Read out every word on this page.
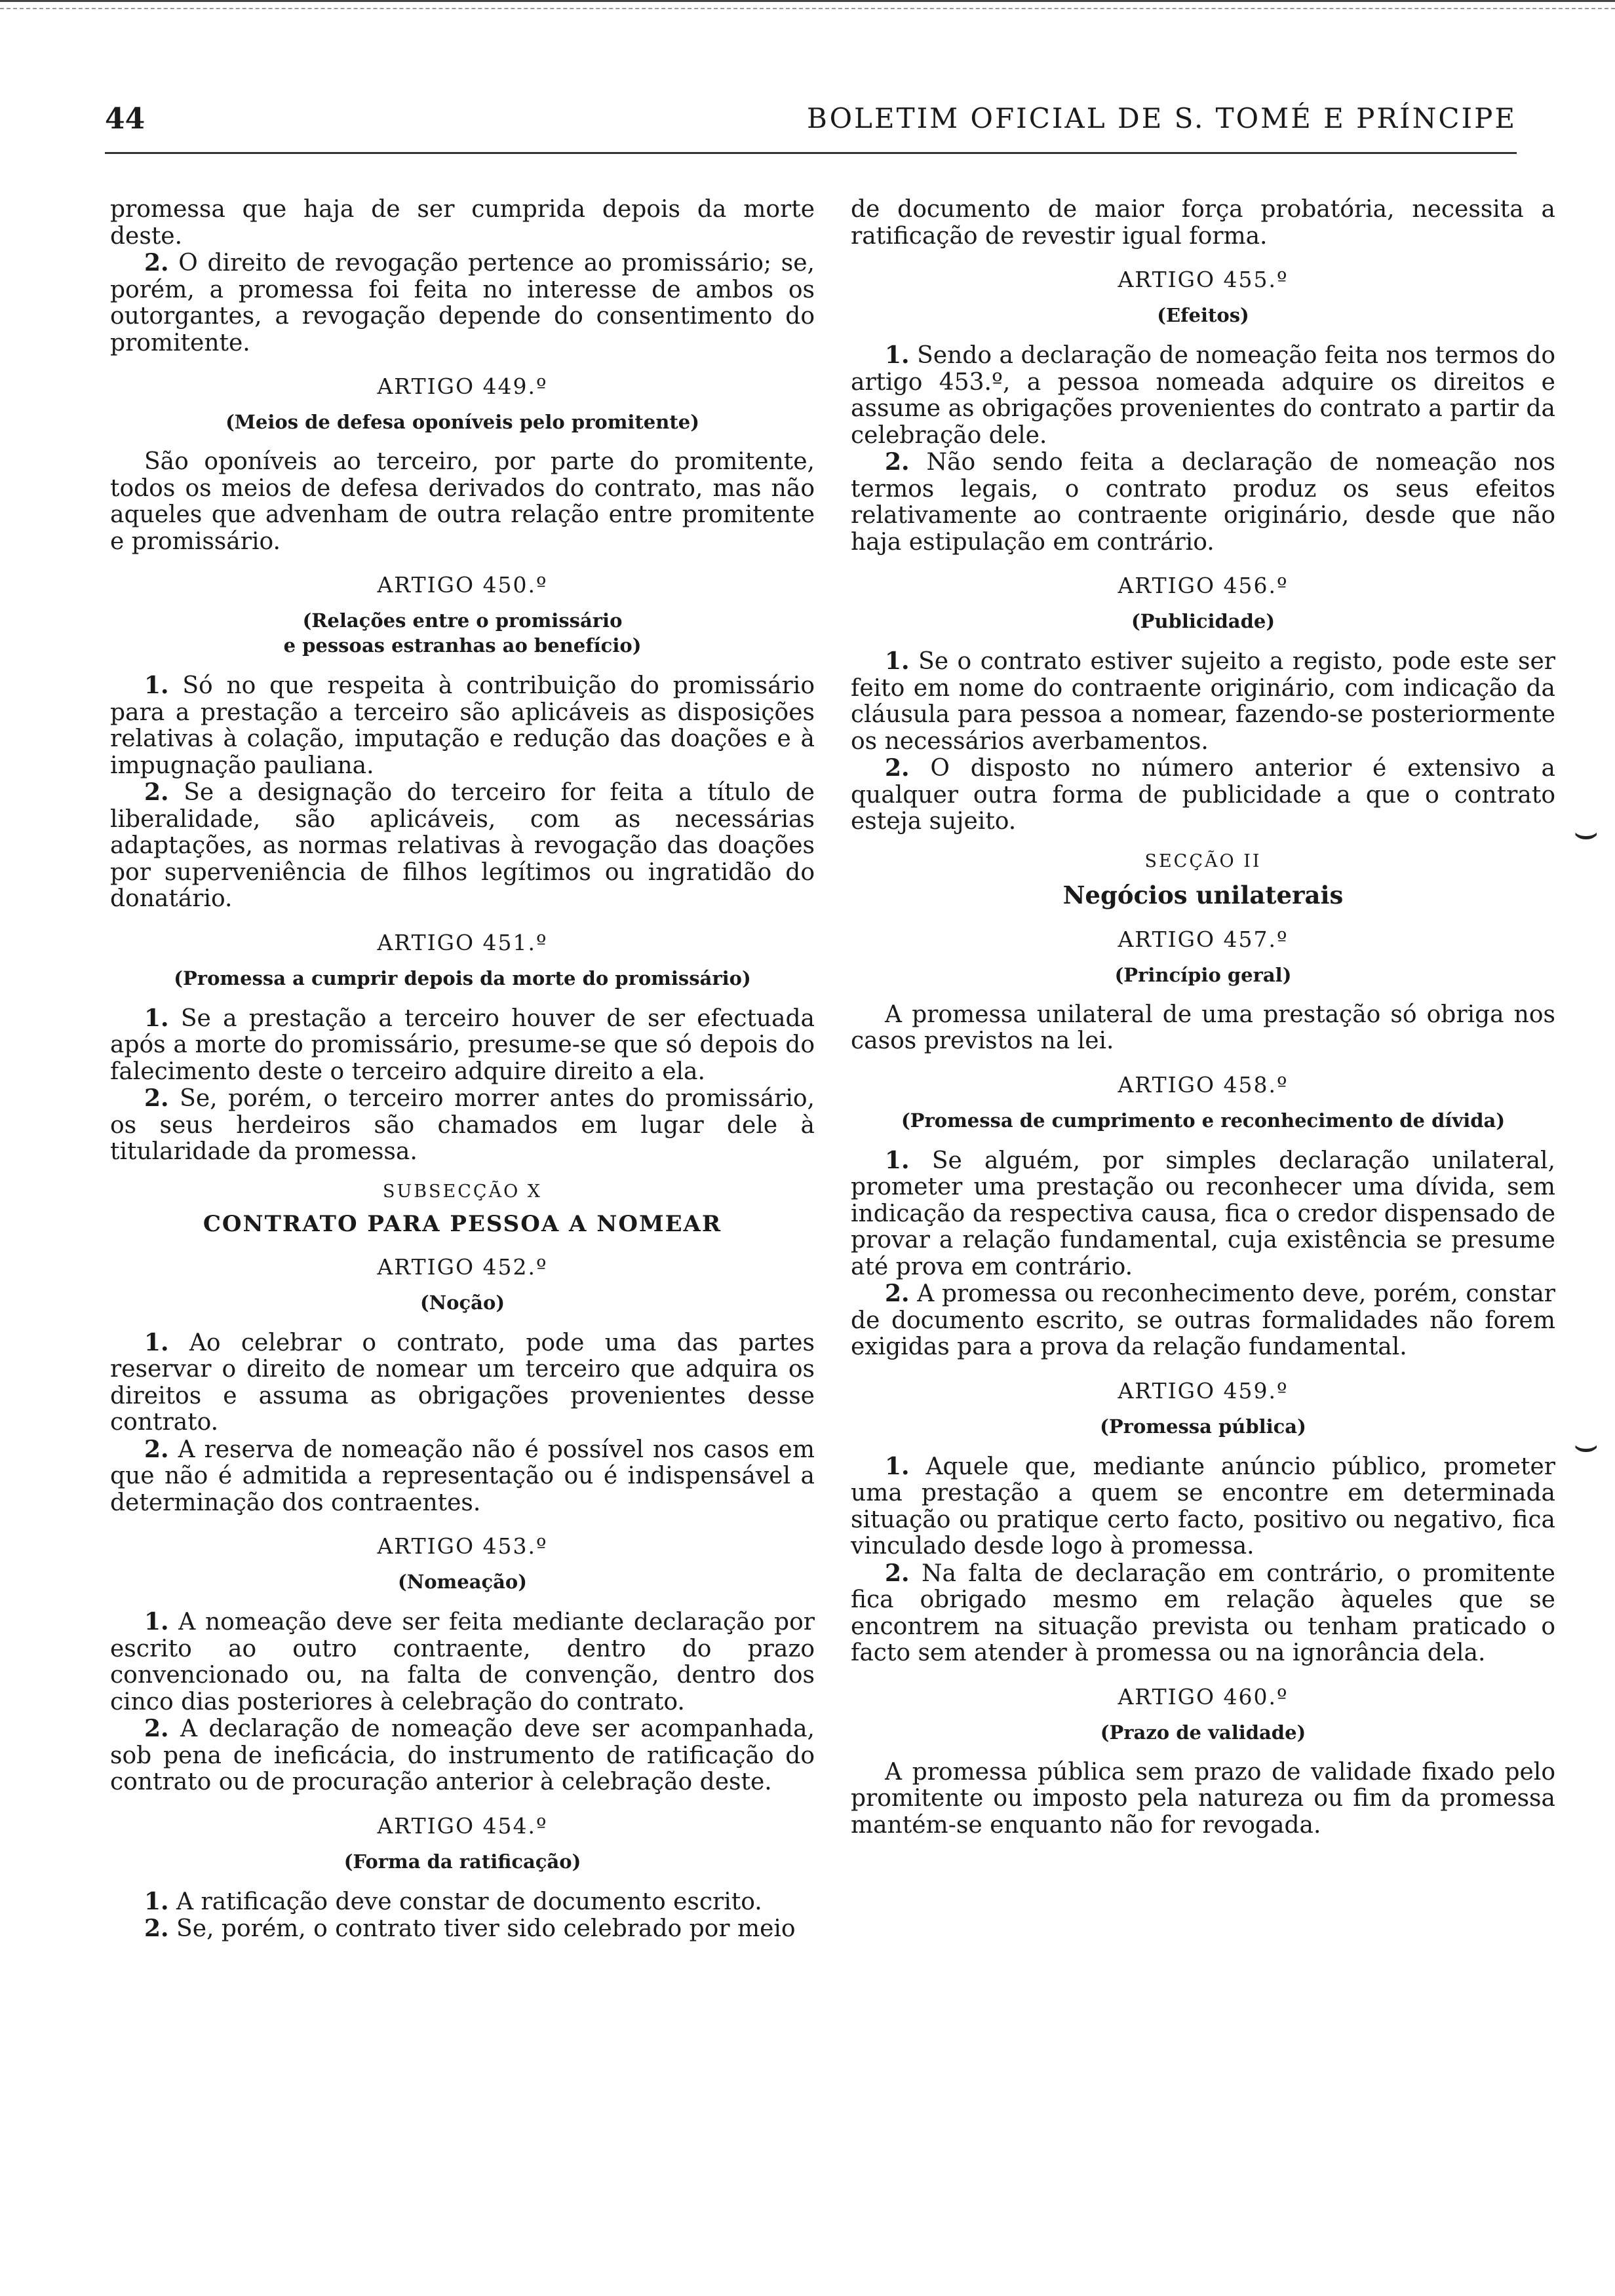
44	BOLETIM OFICIAL DE S. TOMÉ E PRÍNCIPE

promessa que haja de ser cumprida depois da morte deste.

2. O direito de revogação pertence ao promissário; se, porém, a promessa foi feita no interesse de ambos os outorgantes, a revogação depende do consentimento do promitente.

ARTIGO 449.º
(Meios de defesa oponíveis pelo promitente)

São oponíveis ao terceiro, por parte do promitente, todos os meios de defesa derivados do contrato, mas não aqueles que advenham de outra relação entre promitente e promissário.

ARTIGO 450.º
(Relações entre o promissário
e pessoas estranhas ao benefício)

1. Só no que respeita à contribuição do promissário para a prestação a terceiro são aplicáveis as disposições relativas à colação, imputação e redução das doações e à impugnação pauliana.

2. Se a designação do terceiro for feita a título de liberalidade, são aplicáveis, com as necessárias adaptações, as normas relativas à revogação das doações por superveniência de filhos legítimos ou ingratidão do donatário.

ARTIGO 451.º
(Promessa a cumprir depois da morte do promissário)

1. Se a prestação a terceiro houver de ser efectuada após a morte do promissário, presume-se que só depois do falecimento deste o terceiro adquire direito a ela.

2. Se, porém, o terceiro morrer antes do promissário, os seus herdeiros são chamados em lugar dele à titularidade da promessa.

SUBSECÇÃO X
CONTRATO PARA PESSOA A NOMEAR
ARTIGO 452.º
(Noção)

1. Ao celebrar o contrato, pode uma das partes reservar o direito de nomear um terceiro que adquira os direitos e assuma as obrigações provenientes desse contrato.

2. A reserva de nomeação não é possível nos casos em que não é admitida a representação ou é indispensável a determinação dos contraentes.

ARTIGO 453.º
(Nomeação)

1. A nomeação deve ser feita mediante declaração por escrito ao outro contraente, dentro do prazo convencionado ou, na falta de convenção, dentro dos cinco dias posteriores à celebração do contrato.

2. A declaração de nomeação deve ser acompanhada, sob pena de ineficácia, do instrumento de ratificação do contrato ou de procuração anterior à celebração deste.

ARTIGO 454.º
(Forma da ratificação)

1. A ratificação deve constar de documento escrito.

2. Se, porém, o contrato tiver sido celebrado por meio

de documento de maior força probatória, necessita a ratificação de revestir igual forma.

ARTIGO 455.º
(Efeitos)

1. Sendo a declaração de nomeação feita nos termos do artigo 453.º, a pessoa nomeada adquire os direitos e assume as obrigações provenientes do contrato a partir da celebração dele.

2. Não sendo feita a declaração de nomeação nos termos legais, o contrato produz os seus efeitos relativamente ao contraente originário, desde que não haja estipulação em contrário.

ARTIGO 456.º
(Publicidade)

1. Se o contrato estiver sujeito a registo, pode este ser feito em nome do contraente originário, com indicação da cláusula para pessoa a nomear, fazendo-se posteriormente os necessários averbamentos.

2. O disposto no número anterior é extensivo a qualquer outra forma de publicidade a que o contrato esteja sujeito.

SECÇÃO II
Negócios unilaterais
ARTIGO 457.º
(Princípio geral)

A promessa unilateral de uma prestação só obriga nos casos previstos na lei.

ARTIGO 458.º
(Promessa de cumprimento e reconhecimento de dívida)

1. Se alguém, por simples declaração unilateral, prometer uma prestação ou reconhecer uma dívida, sem indicação da respectiva causa, fica o credor dispensado de provar a relação fundamental, cuja existência se presume até prova em contrário.

2. A promessa ou reconhecimento deve, porém, constar de documento escrito, se outras formalidades não forem exigidas para a prova da relação fundamental.

ARTIGO 459.º
(Promessa pública)

1. Aquele que, mediante anúncio público, prometer uma prestação a quem se encontre em determinada situação ou pratique certo facto, positivo ou negativo, fica vinculado desde logo à promessa.

2. Na falta de declaração em contrário, o promitente fica obrigado mesmo em relação àqueles que se encontrem na situação prevista ou tenham praticado o facto sem atender à promessa ou na ignorância dela.

ARTIGO 460.º
(Prazo de validade)

A promessa pública sem prazo de validade fixado pelo promitente ou imposto pela natureza ou fim da promessa mantém-se enquanto não for revogada.

⌣
⌣
